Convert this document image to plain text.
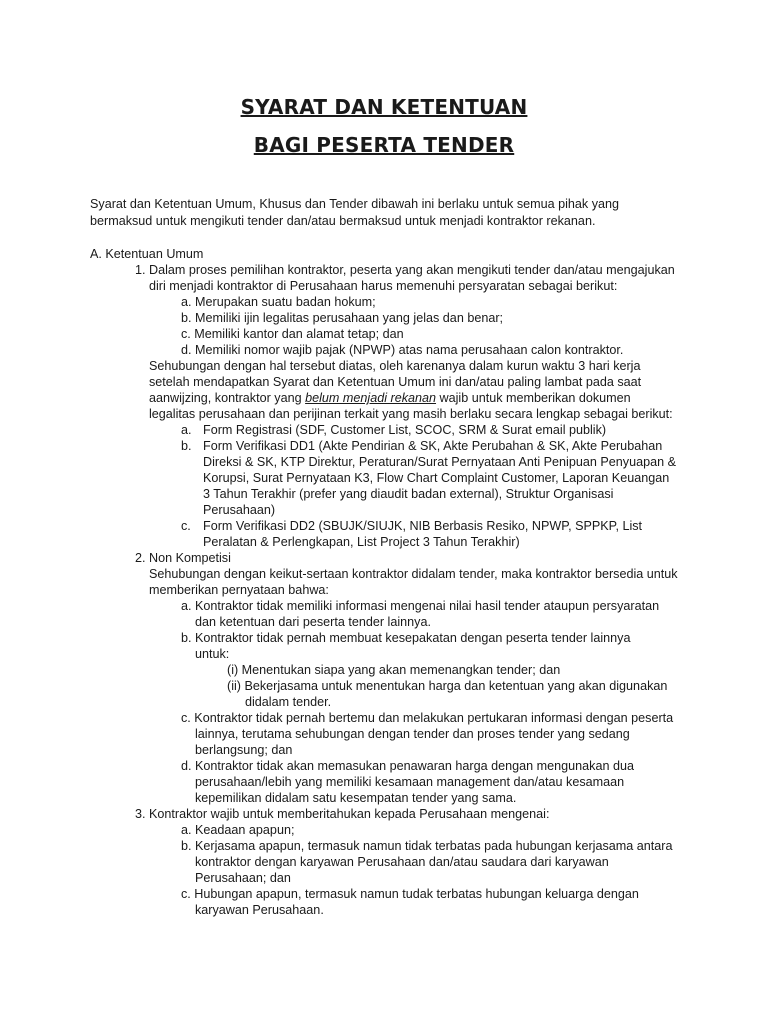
SYARAT DAN KETENTUAN
BAGI PESERTA TENDER
Syarat dan Ketentuan Umum, Khusus dan Tender dibawah ini berlaku untuk semua pihak yang
bermaksud untuk mengikuti tender dan/atau bermaksud untuk menjadi kontraktor rekanan.
A. Ketentuan Umum
1. Dalam proses pemilihan kontraktor, peserta yang akan mengikuti tender dan/atau mengajukan
diri menjadi kontraktor di Perusahaan harus memenuhi persyaratan sebagai berikut:
a. Merupakan suatu badan hokum;
b. Memiliki ijin legalitas perusahaan yang jelas dan benar;
c. Memiliki kantor dan alamat tetap; dan
d. Memiliki nomor wajib pajak (NPWP) atas nama perusahaan calon kontraktor.
Sehubungan dengan hal tersebut diatas, oleh karenanya dalam kurun waktu 3 hari kerja
setelah mendapatkan Syarat dan Ketentuan Umum ini dan/atau paling lambat pada saat
aanwijzing, kontraktor yang belum menjadi rekanan wajib untuk memberikan dokumen
legalitas perusahaan dan perijinan terkait yang masih berlaku secara lengkap sebagai berikut:
a. Form Registrasi (SDF, Customer List, SCOC, SRM & Surat email publik)
b. Form Verifikasi DD1 (Akte Pendirian & SK, Akte Perubahan & SK, Akte Perubahan
Direksi & SK, KTP Direktur, Peraturan/Surat Pernyataan Anti Penipuan Penyuapan &
Korupsi, Surat Pernyataan K3, Flow Chart Complaint Customer, Laporan Keuangan
3 Tahun Terakhir (prefer yang diaudit badan external), Struktur Organisasi
Perusahaan)
c. Form Verifikasi DD2 (SBUJK/SIUJK, NIB Berbasis Resiko, NPWP, SPPKP, List
Peralatan & Perlengkapan, List Project 3 Tahun Terakhir)
2. Non Kompetisi
Sehubungan dengan keikut-sertaan kontraktor didalam tender, maka kontraktor bersedia untuk
memberikan pernyataan bahwa:
a. Kontraktor tidak memiliki informasi mengenai nilai hasil tender ataupun persyaratan
dan ketentuan dari peserta tender lainnya.
b. Kontraktor tidak pernah membuat kesepakatan dengan peserta tender lainnya
untuk:
(i) Menentukan siapa yang akan memenangkan tender; dan
(ii) Bekerjasama untuk menentukan harga dan ketentuan yang akan digunakan
didalam tender.
c. Kontraktor tidak pernah bertemu dan melakukan pertukaran informasi dengan peserta
lainnya, terutama sehubungan dengan tender dan proses tender yang sedang
berlangsung; dan
d. Kontraktor tidak akan memasukan penawaran harga dengan mengunakan dua
perusahaan/lebih yang memiliki kesamaan management dan/atau kesamaan
kepemilikan didalam satu kesempatan tender yang sama.
3. Kontraktor wajib untuk memberitahukan kepada Perusahaan mengenai:
a. Keadaan apapun;
b. Kerjasama apapun, termasuk namun tidak terbatas pada hubungan kerjasama antara
kontraktor dengan karyawan Perusahaan dan/atau saudara dari karyawan
Perusahaan; dan
c. Hubungan apapun, termasuk namun tudak terbatas hubungan keluarga dengan
karyawan Perusahaan.
